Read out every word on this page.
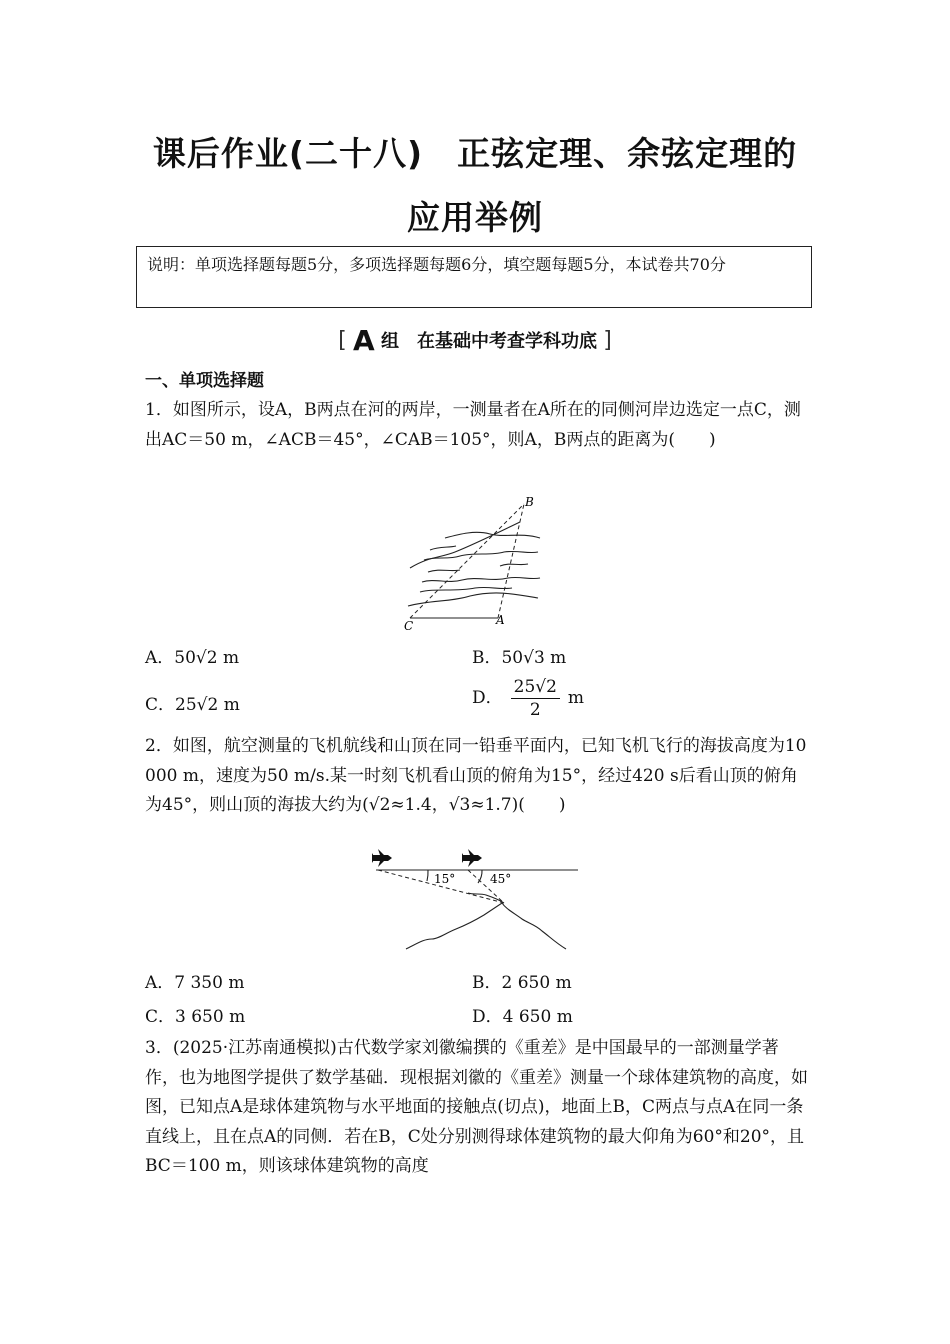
课后作业(二十八)　正弦定理、余弦定理的
应用举例
说明：单项选择题每题5分，多项选择题每题6分，填空题每题5分，本试卷共70分
[ A 组　在基础中考查学科功底 ]
一、单项选择题
1．如图所示，设A，B两点在河的两岸，一测量者在A所在的同侧河岸边选定一点C，测出AC＝50 m，∠ACB＝45°，∠CAB＝105°，则A，B两点的距离为(　　)
B
C	A
A．50√2 m	B．50√3 m
C．25√2 m	D． $\frac{25√2}{2}$ m
2．如图，航空测量的飞机航线和山顶在同一铅垂平面内，已知飞机飞行的海拔高度为10 000 m，速度为50 m/s.某一时刻飞机看山顶的俯角为15°，经过420 s后看山顶的俯角为45°，则山顶的海拔大约为(√2≈1.4，√3≈1.7)(　　)
15°	45°
A．7 350 m	B．2 650 m
C．3 650 m	D．4 650 m
3．(2025·江苏南通模拟)古代数学家刘徽编撰的《重差》是中国最早的一部测量学著作，也为地图学提供了数学基础．现根据刘徽的《重差》测量一个球体建筑物的高度，如图，已知点A是球体建筑物与水平地面的接触点(切点)，地面上B，C两点与点A在同一条直线上，且在点A的同侧．若在B，C处分别测得球体建筑物的最大仰角为60°和20°，且BC＝100 m，则该球体建筑物的高度
